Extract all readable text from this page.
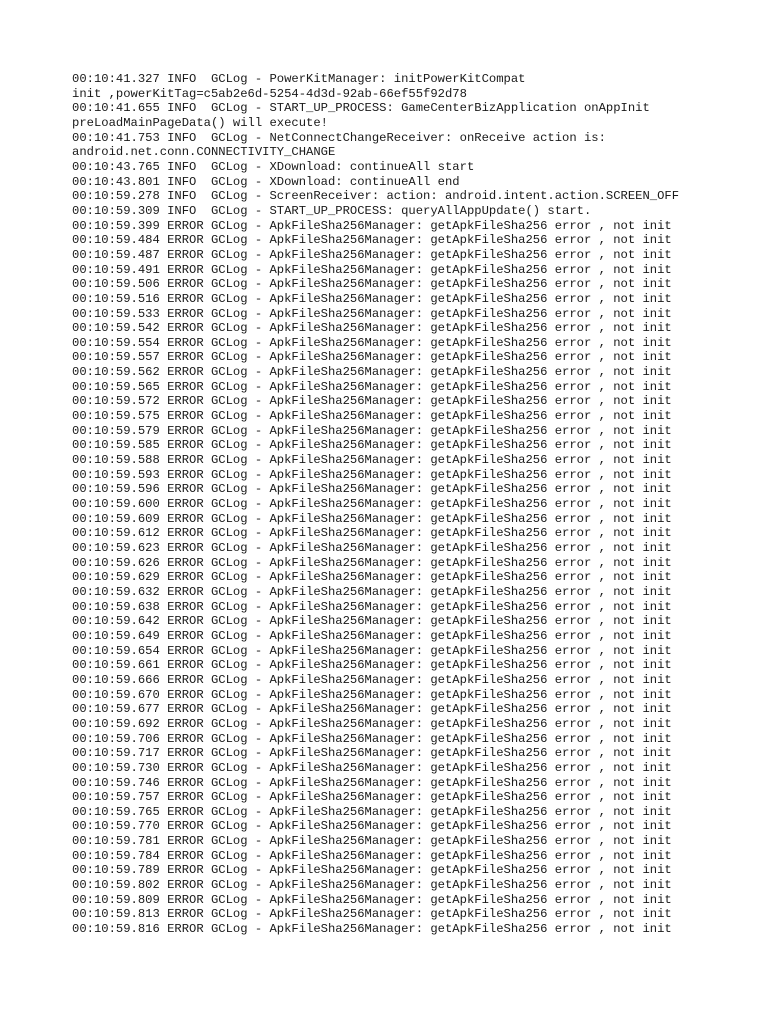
00:10:41.327 INFO  GCLog - PowerKitManager: initPowerKitCompat
init ,powerKitTag=c5ab2e6d-5254-4d3d-92ab-66ef55f92d78
00:10:41.655 INFO  GCLog - START_UP_PROCESS: GameCenterBizApplication onAppInit
preLoadMainPageData() will execute!
00:10:41.753 INFO  GCLog - NetConnectChangeReceiver: onReceive action is:
android.net.conn.CONNECTIVITY_CHANGE
00:10:43.765 INFO  GCLog - XDownload: continueAll start
00:10:43.801 INFO  GCLog - XDownload: continueAll end
00:10:59.278 INFO  GCLog - ScreenReceiver: action: android.intent.action.SCREEN_OFF
00:10:59.309 INFO  GCLog - START_UP_PROCESS: queryAllAppUpdate() start.
00:10:59.399 ERROR GCLog - ApkFileSha256Manager: getApkFileSha256 error , not init
00:10:59.484 ERROR GCLog - ApkFileSha256Manager: getApkFileSha256 error , not init
00:10:59.487 ERROR GCLog - ApkFileSha256Manager: getApkFileSha256 error , not init
00:10:59.491 ERROR GCLog - ApkFileSha256Manager: getApkFileSha256 error , not init
00:10:59.506 ERROR GCLog - ApkFileSha256Manager: getApkFileSha256 error , not init
00:10:59.516 ERROR GCLog - ApkFileSha256Manager: getApkFileSha256 error , not init
00:10:59.533 ERROR GCLog - ApkFileSha256Manager: getApkFileSha256 error , not init
00:10:59.542 ERROR GCLog - ApkFileSha256Manager: getApkFileSha256 error , not init
00:10:59.554 ERROR GCLog - ApkFileSha256Manager: getApkFileSha256 error , not init
00:10:59.557 ERROR GCLog - ApkFileSha256Manager: getApkFileSha256 error , not init
00:10:59.562 ERROR GCLog - ApkFileSha256Manager: getApkFileSha256 error , not init
00:10:59.565 ERROR GCLog - ApkFileSha256Manager: getApkFileSha256 error , not init
00:10:59.572 ERROR GCLog - ApkFileSha256Manager: getApkFileSha256 error , not init
00:10:59.575 ERROR GCLog - ApkFileSha256Manager: getApkFileSha256 error , not init
00:10:59.579 ERROR GCLog - ApkFileSha256Manager: getApkFileSha256 error , not init
00:10:59.585 ERROR GCLog - ApkFileSha256Manager: getApkFileSha256 error , not init
00:10:59.588 ERROR GCLog - ApkFileSha256Manager: getApkFileSha256 error , not init
00:10:59.593 ERROR GCLog - ApkFileSha256Manager: getApkFileSha256 error , not init
00:10:59.596 ERROR GCLog - ApkFileSha256Manager: getApkFileSha256 error , not init
00:10:59.600 ERROR GCLog - ApkFileSha256Manager: getApkFileSha256 error , not init
00:10:59.609 ERROR GCLog - ApkFileSha256Manager: getApkFileSha256 error , not init
00:10:59.612 ERROR GCLog - ApkFileSha256Manager: getApkFileSha256 error , not init
00:10:59.623 ERROR GCLog - ApkFileSha256Manager: getApkFileSha256 error , not init
00:10:59.626 ERROR GCLog - ApkFileSha256Manager: getApkFileSha256 error , not init
00:10:59.629 ERROR GCLog - ApkFileSha256Manager: getApkFileSha256 error , not init
00:10:59.632 ERROR GCLog - ApkFileSha256Manager: getApkFileSha256 error , not init
00:10:59.638 ERROR GCLog - ApkFileSha256Manager: getApkFileSha256 error , not init
00:10:59.642 ERROR GCLog - ApkFileSha256Manager: getApkFileSha256 error , not init
00:10:59.649 ERROR GCLog - ApkFileSha256Manager: getApkFileSha256 error , not init
00:10:59.654 ERROR GCLog - ApkFileSha256Manager: getApkFileSha256 error , not init
00:10:59.661 ERROR GCLog - ApkFileSha256Manager: getApkFileSha256 error , not init
00:10:59.666 ERROR GCLog - ApkFileSha256Manager: getApkFileSha256 error , not init
00:10:59.670 ERROR GCLog - ApkFileSha256Manager: getApkFileSha256 error , not init
00:10:59.677 ERROR GCLog - ApkFileSha256Manager: getApkFileSha256 error , not init
00:10:59.692 ERROR GCLog - ApkFileSha256Manager: getApkFileSha256 error , not init
00:10:59.706 ERROR GCLog - ApkFileSha256Manager: getApkFileSha256 error , not init
00:10:59.717 ERROR GCLog - ApkFileSha256Manager: getApkFileSha256 error , not init
00:10:59.730 ERROR GCLog - ApkFileSha256Manager: getApkFileSha256 error , not init
00:10:59.746 ERROR GCLog - ApkFileSha256Manager: getApkFileSha256 error , not init
00:10:59.757 ERROR GCLog - ApkFileSha256Manager: getApkFileSha256 error , not init
00:10:59.765 ERROR GCLog - ApkFileSha256Manager: getApkFileSha256 error , not init
00:10:59.770 ERROR GCLog - ApkFileSha256Manager: getApkFileSha256 error , not init
00:10:59.781 ERROR GCLog - ApkFileSha256Manager: getApkFileSha256 error , not init
00:10:59.784 ERROR GCLog - ApkFileSha256Manager: getApkFileSha256 error , not init
00:10:59.789 ERROR GCLog - ApkFileSha256Manager: getApkFileSha256 error , not init
00:10:59.802 ERROR GCLog - ApkFileSha256Manager: getApkFileSha256 error , not init
00:10:59.809 ERROR GCLog - ApkFileSha256Manager: getApkFileSha256 error , not init
00:10:59.813 ERROR GCLog - ApkFileSha256Manager: getApkFileSha256 error , not init
00:10:59.816 ERROR GCLog - ApkFileSha256Manager: getApkFileSha256 error , not init
